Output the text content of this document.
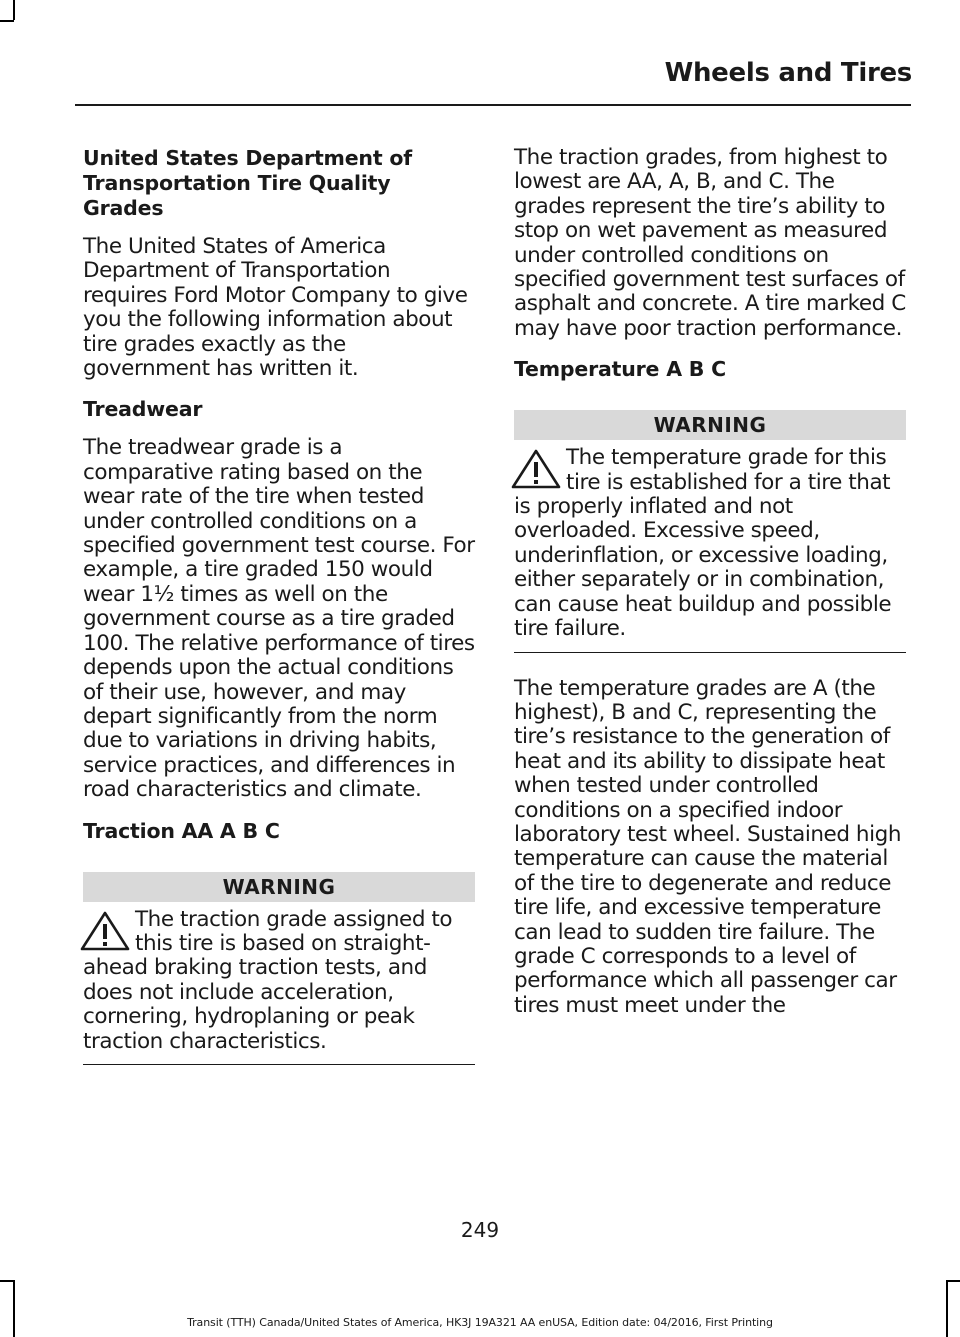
Wheels and Tires
United States Department of Transportation Tire Quality Grades

The United States of America Department of Transportation requires Ford Motor Company to give you the following information about tire grades exactly as the government has written it.

Treadwear

The treadwear grade is a comparative rating based on the wear rate of the tire when tested under controlled conditions on a specified government test course. For example, a tire graded 150 would wear 1½ times as well on the government course as a tire graded 100. The relative performance of tires depends upon the actual conditions of their use, however, and may depart significantly from the norm due to variations in driving habits, service practices, and differences in road characteristics and climate.

Traction AA A B C
WARNING
The traction grade assigned to this tire is based on straight-ahead braking traction tests, and does not include acceleration, cornering, hydroplaning or peak traction characteristics.

The traction grades, from highest to lowest are AA, A, B, and C. The grades represent the tire’s ability to stop on wet pavement as measured under controlled conditions on specified government test surfaces of asphalt and concrete. A tire marked C may have poor traction performance.

Temperature A B C
WARNING
The temperature grade for this tire is established for a tire that is properly inflated and not overloaded. Excessive speed, underinflation, or excessive loading, either separately or in combination, can cause heat buildup and possible tire failure.

The temperature grades are A (the highest), B and C, representing the tire’s resistance to the generation of heat and its ability to dissipate heat when tested under controlled conditions on a specified indoor laboratory test wheel. Sustained high temperature can cause the material of the tire to degenerate and reduce tire life, and excessive temperature can lead to sudden tire failure. The grade C corresponds to a level of performance which all passenger car tires must meet under the

249
Transit (TTH) Canada/United States of America, HK3J 19A321 AA enUSA, Edition date: 04/2016, First Printing
